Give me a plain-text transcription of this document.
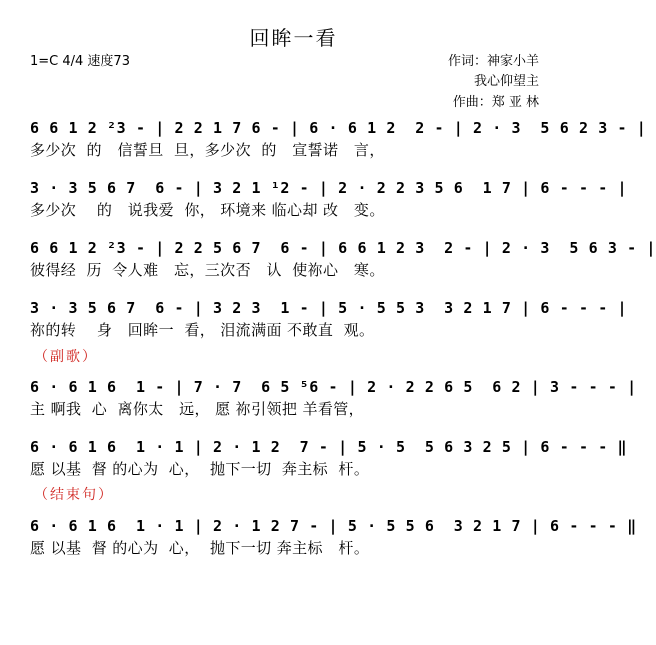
回眸一看
1=C 4/4 速度73	作词：神家小羊
我心仰望主
作曲：郑 亚 林
6 6 1 2 ²3 - | 2 2 1 7 6 - | 6 · 6 1 2  2 - | 2 · 3  5 6 2 3 - |
多少次  的   信誓旦  旦，多少次  的   宣誓诺   言，
3 · 3 5 6 7  6 - | 3 2 1 ¹2 - | 2 · 2 2 3 5 6  1 7 | 6 - - - |
多少次    的   说我爱  你， 环境来 临心却 改   变。
6 6 1 2 ²3 - | 2 2 5 6 7  6 - | 6 6 1 2 3  2 - | 2 · 3  5 6 3 - |
彼得经  历  令人难   忘，三次否   认  使祢心   寒。
3 · 3 5 6 7  6 - | 3 2 3  1 - | 5 · 5 5 3  3 2 1 7 | 6 - - - |
祢的转    身   回眸一  看， 泪流满面 不敢直  观。
（副歌）
6 · 6 1 6  1 - | 7 · 7  6 5 ⁵6 - | 2 · 2 2 6 5  6 2 | 3 - - - |
主 啊我  心  离你太   远， 愿 祢引领把 羊看管，
6 · 6 1 6  1 · 1 | 2 · 1 2  7 - | 5 · 5  5 6 3 2 5 | 6 - - - ‖
愿 以基  督 的心为  心，  抛下一切  奔主标  杆。
（结束句）
6 · 6 1 6  1 · 1 | 2 · 1 2 7 - | 5 · 5 5 6  3 2 1 7 | 6 - - - ‖
愿 以基  督 的心为  心，  抛下一切 奔主标   杆。
